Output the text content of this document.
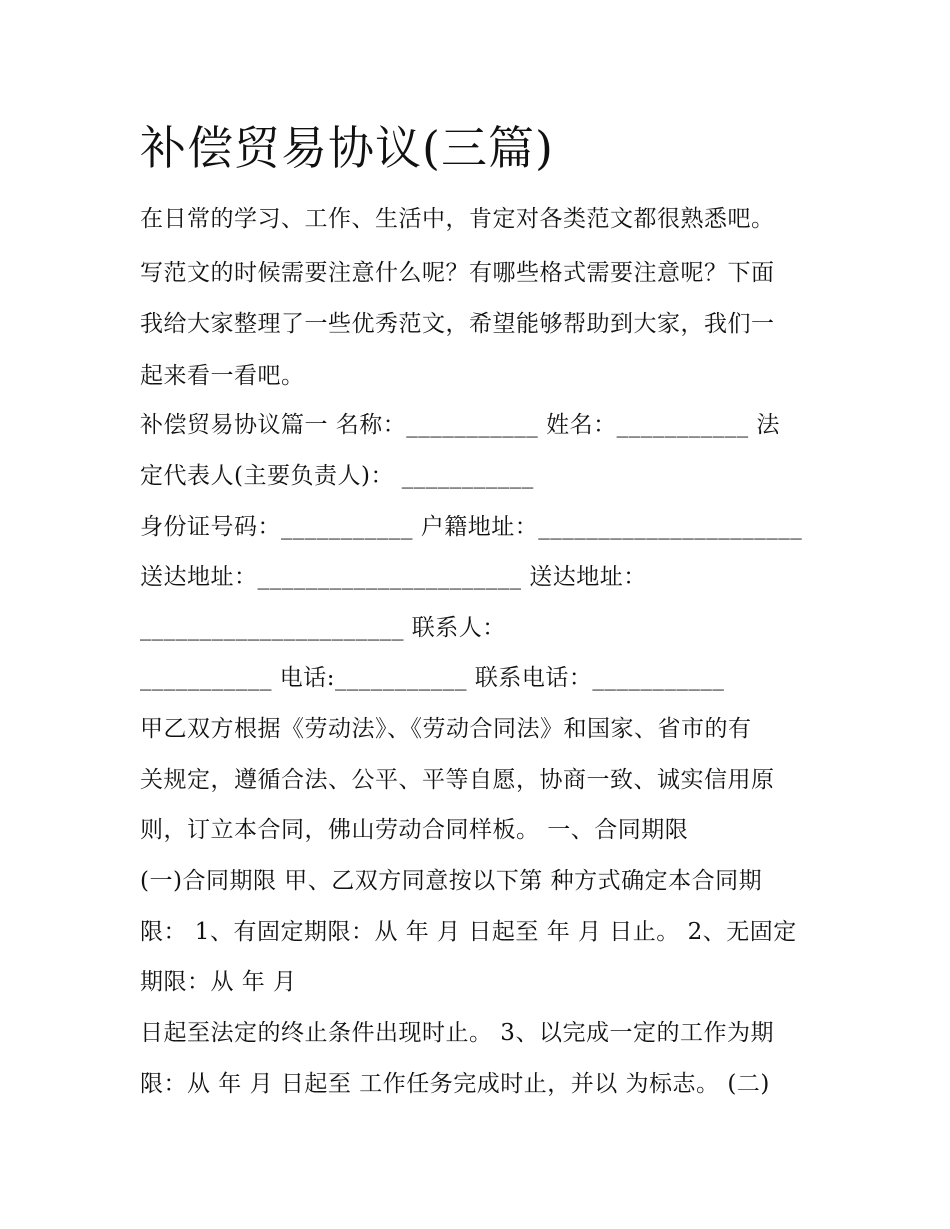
补偿贸易协议(三篇)

在日常的学习、工作、生活中，肯定对各类范文都很熟悉吧。

写范文的时候需要注意什么呢？有哪些格式需要注意呢？下面

我给大家整理了一些优秀范文，希望能够帮助到大家，我们一

起来看一看吧。

补偿贸易协议篇一 名称：___________ 姓名：___________ 法

定代表人(主要负责人)： ___________

身份证号码：___________ 户籍地址：______________________

送达地址：______________________ 送达地址：

______________________ 联系人：

___________ 电话:___________ 联系电话：___________

甲乙双方根据《劳动法》、《劳动合同法》和国家、省市的有

关规定，遵循合法、公平、平等自愿，协商一致、诚实信用原

则，订立本合同，佛山劳动合同样板。 一、合同期限

(一)合同期限 甲、乙双方同意按以下第 种方式确定本合同期

限： 1、有固定期限：从 年 月 日起至 年 月 日止。 2、无固定

期限：从 年 月

日起至法定的终止条件出现时止。 3、以完成一定的工作为期

限：从 年 月 日起至 工作任务完成时止，并以 为标志。 (二)
